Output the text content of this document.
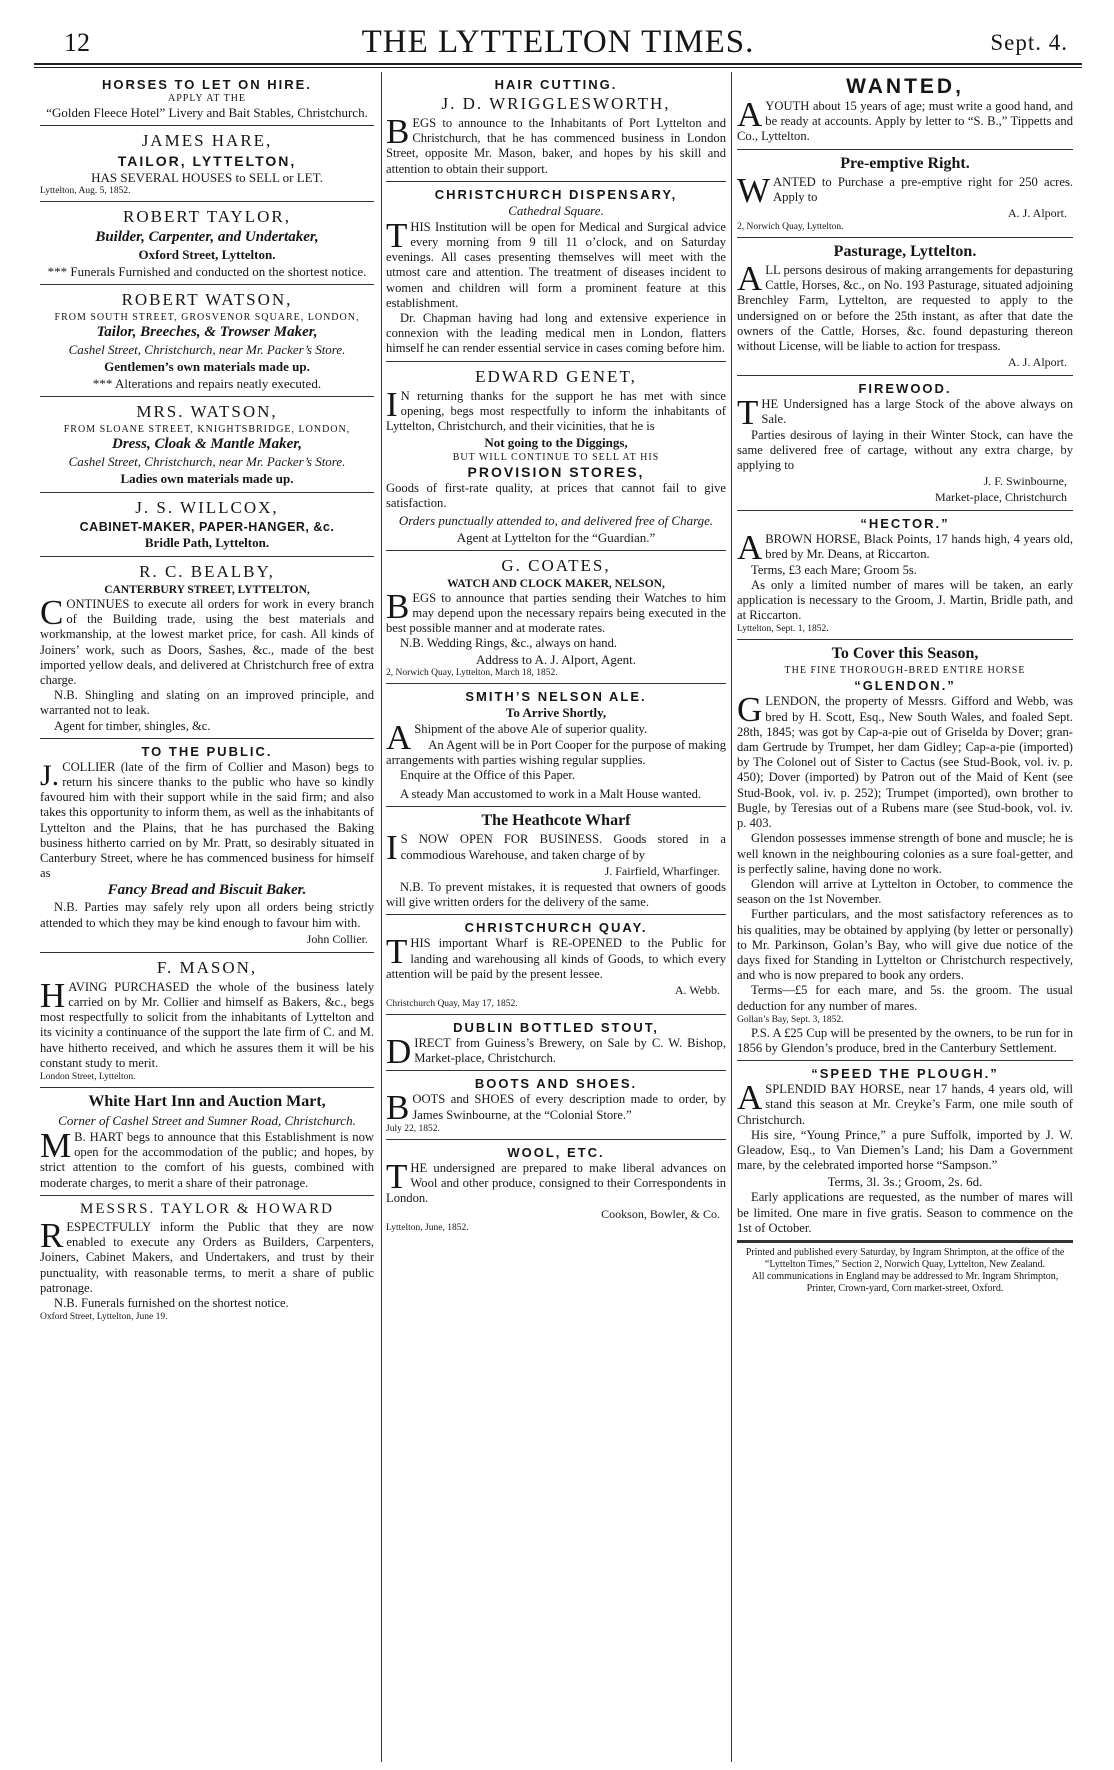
12	THE LYTTELTON TIMES.	Sept. 4.
HORSES TO LET ON HIRE.
APPLY AT THE
“Golden Fleece Hotel” Livery and Bait Stables, Christchurch.
JAMES HARE,
TAILOR, LYTTELTON,
HAS SEVERAL HOUSES to SELL or LET.
Lyttelton, Aug. 5, 1852.
ROBERT TAYLOR,
Builder, Carpenter, and Undertaker,
Oxford Street, Lyttelton.
*** Funerals Furnished and conducted on the shortest notice.
ROBERT WATSON,
FROM SOUTH STREET, GROSVENOR SQUARE, LONDON,
Tailor, Breeches, & Trowser Maker,
Cashel Street, Christchurch, near Mr. Packer’s Store.
Gentlemen’s own materials made up.
*** Alterations and repairs neatly executed.
MRS. WATSON,
FROM SLOANE STREET, KNIGHTSBRIDGE, LONDON,
Dress, Cloak & Mantle Maker,
Cashel Street, Christchurch, near Mr. Packer’s Store.
Ladies own materials made up.
J. S. WILLCOX,
CABINET-MAKER, PAPER-HANGER, &c.
Bridle Path, Lyttelton.
R. C. BEALBY,
CANTERBURY STREET, LYTTELTON,

CONTINUES to execute all orders for work in every branch of the Building trade, using the best materials and workmanship, at the lowest market price, for cash. All kinds of Joiners’ work, such as Doors, Sashes, &c., made of the best imported yellow deals, and delivered at Christchurch free of extra charge.

N.B. Shingling and slating on an improved principle, and warranted not to leak.

Agent for timber, shingles, &c.

TO THE PUBLIC.

J. COLLIER (late of the firm of Collier and Mason) begs to return his sincere thanks to the public who have so kindly favoured him with their support while in the said firm; and also takes this opportunity to inform them, as well as the inhabitants of Lyttelton and the Plains, that he has purchased the Baking business hitherto carried on by Mr. Pratt, so desirably situated in Canterbury Street, where he has commenced business for himself as

Fancy Bread and Biscuit Baker.

N.B. Parties may safely rely upon all orders being strictly attended to which they may be kind enough to favour him with.

John Collier.
F. MASON,

HAVING PURCHASED the whole of the business lately carried on by Mr. Collier and himself as Bakers, &c., begs most respectfully to solicit from the inhabitants of Lyttelton and its vicinity a continuance of the support the late firm of C. and M. have hitherto received, and which he assures them it will be his constant study to merit.

London Street, Lyttelton.
White Hart Inn and Auction Mart,
Corner of Cashel Street and Sumner Road, Christchurch.

M B. HART begs to announce that this Establishment is now open for the accommodation of the public; and hopes, by strict attention to the comfort of his guests, combined with moderate charges, to merit a share of their patronage.

MESSRS. TAYLOR & HOWARD

RESPECTFULLY inform the Public that they are now enabled to execute any Orders as Builders, Carpenters, Joiners, Cabinet Makers, and Undertakers, and trust by their punctuality, with reasonable terms, to merit a share of public patronage.

N.B. Funerals furnished on the shortest notice.

Oxford Street, Lyttelton, June 19.
HAIR CUTTING.
J. D. WRIGGLESWORTH,

BEGS to announce to the Inhabitants of Port Lyttelton and Christchurch, that he has commenced business in London Street, opposite Mr. Mason, baker, and hopes by his skill and attention to obtain their support.

CHRISTCHURCH DISPENSARY,
Cathedral Square.

THIS Institution will be open for Medical and Surgical advice every morning from 9 till 11 o’clock, and on Saturday evenings. All cases presenting themselves will meet with the utmost care and attention. The treatment of diseases incident to women and children will form a prominent feature at this establishment.

Dr. Chapman having had long and extensive experience in connexion with the leading medical men in London, flatters himself he can render essential service in cases coming before him.

EDWARD GENET,

I N returning thanks for the support he has met with since opening, begs most respectfully to inform the inhabitants of Lyttelton, Christchurch, and their vicinities, that he is

Not going to the Diggings,
BUT WILL CONTINUE TO SELL AT HIS
PROVISION STORES,

Goods of first-rate quality, at prices that cannot fail to give satisfaction.

Orders punctually attended to, and delivered free of Charge.
Agent at Lyttelton for the “Guardian.”
G. COATES,
WATCH AND CLOCK MAKER, NELSON,

BEGS to announce that parties sending their Watches to him may depend upon the necessary repairs being executed in the best possible manner and at moderate rates.

N.B. Wedding Rings, &c., always on hand.

Address to A. J. Alport, Agent.
2, Norwich Quay, Lyttelton, March 18, 1852.
SMITH’S NELSON ALE.
To Arrive Shortly,

A Shipment of the above Ale of superior quality.

An Agent will be in Port Cooper for the purpose of making arrangements with parties wishing regular supplies.

Enquire at the Office of this Paper.

A steady Man accustomed to work in a Malt House wanted.

The Heathcote Wharf

I S NOW OPEN FOR BUSINESS. Goods stored in a commodious Warehouse, and taken charge of by

J. Fairfield, Wharfinger.

N.B. To prevent mistakes, it is requested that owners of goods will give written orders for the delivery of the same.

CHRISTCHURCH QUAY.

THIS important Wharf is RE-OPENED to the Public for landing and warehousing all kinds of Goods, to which every attention will be paid by the present lessee.

A. Webb.
Christchurch Quay, May 17, 1852.
DUBLIN BOTTLED STOUT,

DIRECT from Guiness’s Brewery, on Sale by C. W. Bishop, Market-place, Christchurch.

BOOTS AND SHOES.

BOOTS and SHOES of every description made to order, by James Swinbourne, at the “Colonial Store.”

July 22, 1852.
WOOL, ETC.

THE undersigned are prepared to make liberal advances on Wool and other produce, consigned to their Correspondents in London.

Cookson, Bowler, & Co.
Lyttelton, June, 1852.
WANTED,

AYOUTH about 15 years of age; must write a good hand, and be ready at accounts. Apply by letter to “S. B.,” Tippetts and Co., Lyttelton.

Pre-emptive Right.

WANTED to Purchase a pre-emptive right for 250 acres. Apply to

A. J. Alport.
2, Norwich Quay, Lyttelton.
Pasturage, Lyttelton.

ALL persons desirous of making arrangements for depasturing Cattle, Horses, &c., on No. 193 Pasturage, situated adjoining Brenchley Farm, Lyttelton, are requested to apply to the undersigned on or before the 25th instant, as after that date the owners of the Cattle, Horses, &c. found depasturing thereon without License, will be liable to action for trespass.

A. J. Alport.
FIREWOOD.

THE Undersigned has a large Stock of the above always on Sale.

Parties desirous of laying in their Winter Stock, can have the same delivered free of cartage, without any extra charge, by applying to

J. F. Swinbourne,
Market-place, Christchurch
“HECTOR.”

ABROWN HORSE, Black Points, 17 hands high, 4 years old, bred by Mr. Deans, at Riccarton.

Terms, £3 each Mare; Groom 5s.

As only a limited number of mares will be taken, an early application is necessary to the Groom, J. Martin, Bridle path, and at Riccarton.

Lyttelton, Sept. 1, 1852.
To Cover this Season,
THE FINE THOROUGH-BRED ENTIRE HORSE
“GLENDON.”

GLENDON, the property of Messrs. Gifford and Webb, was bred by H. Scott, Esq., New South Wales, and foaled Sept. 28th, 1845; was got by Cap-a-pie out of Griselda by Dover; gran-dam Gertrude by Trumpet, her dam Gidley; Cap-a-pie (imported) by The Colonel out of Sister to Cactus (see Stud-Book, vol. iv. p. 450); Dover (imported) by Patron out of the Maid of Kent (see Stud-Book, vol. iv. p. 252); Trumpet (imported), own brother to Bugle, by Teresias out of a Rubens mare (see Stud-book, vol. iv. p. 403.

Glendon possesses immense strength of bone and muscle; he is well known in the neighbouring colonies as a sure foal-getter, and is perfectly saline, having done no work.

Glendon will arrive at Lyttelton in October, to commence the season on the 1st November.

Further particulars, and the most satisfactory references as to his qualities, may be obtained by applying (by letter or personally) to Mr. Parkinson, Golan’s Bay, who will give due notice of the days fixed for Standing in Lyttelton or Christchurch respectively, and who is now prepared to book any orders.

Terms—£5 for each mare, and 5s. the groom. The usual deduction for any number of mares.

Gollan’s Bay, Sept. 3, 1852.

P.S. A £25 Cup will be presented by the owners, to be run for in 1856 by Glendon’s produce, bred in the Canterbury Settlement.

“SPEED THE PLOUGH.”

ASPLENDID BAY HORSE, near 17 hands, 4 years old, will stand this season at Mr. Creyke’s Farm, one mile south of Christchurch.

His sire, “Young Prince,” a pure Suffolk, imported by J. W. Gleadow, Esq., to Van Diemen’s Land; his Dam a Government mare, by the celebrated imported horse “Sampson.”

Terms, 3l. 3s.; Groom, 2s. 6d.

Early applications are requested, as the number of mares will be limited. One mare in five gratis. Season to commence on the 1st of October.

Printed and published every Saturday, by Ingram Shrimpton, at the office of the “Lyttelton Times,” Section 2, Norwich Quay, Lyttelton, New Zealand.

All communications in England may be addressed to Mr. Ingram Shrimpton, Printer, Crown-yard, Corn market-street, Oxford.
